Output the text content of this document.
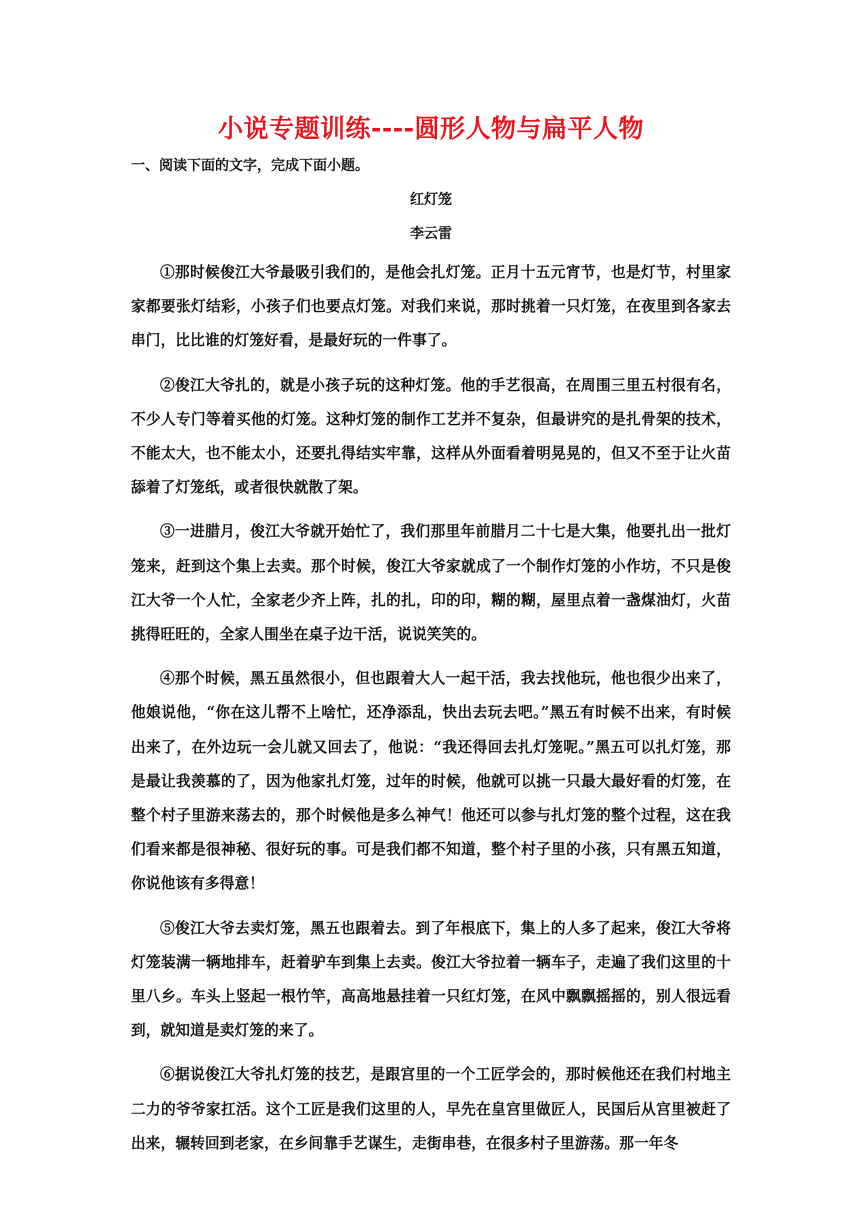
小说专题训练----圆形人物与扁平人物

一、阅读下面的文字，完成下面小题。

红灯笼

李云雷

①那时候俊江大爷最吸引我们的，是他会扎灯笼。正月十五元宵节，也是灯节，村里家家都要张灯结彩，小孩子们也要点灯笼。对我们来说，那时挑着一只灯笼，在夜里到各家去串门，比比谁的灯笼好看，是最好玩的一件事了。

②俊江大爷扎的，就是小孩子玩的这种灯笼。他的手艺很高，在周围三里五村很有名，不少人专门等着买他的灯笼。这种灯笼的制作工艺并不复杂，但最讲究的是扎骨架的技术，不能太大，也不能太小，还要扎得结实牢靠，这样从外面看着明晃晃的，但又不至于让火苗舔着了灯笼纸，或者很快就散了架。

③一进腊月，俊江大爷就开始忙了，我们那里年前腊月二十七是大集，他要扎出一批灯笼来，赶到这个集上去卖。那个时候，俊江大爷家就成了一个制作灯笼的小作坊，不只是俊江大爷一个人忙，全家老少齐上阵，扎的扎，印的印，糊的糊，屋里点着一盏煤油灯，火苗挑得旺旺的，全家人围坐在桌子边干活，说说笑笑的。

④那个时候，黑五虽然很小，但也跟着大人一起干活，我去找他玩，他也很少出来了，他娘说他，“你在这儿帮不上啥忙，还净添乱，快出去玩去吧。”黑五有时候不出来，有时候出来了，在外边玩一会儿就又回去了，他说：“我还得回去扎灯笼呢。”黑五可以扎灯笼，那是最让我羡慕的了，因为他家扎灯笼，过年的时候，他就可以挑一只最大最好看的灯笼，在整个村子里游来荡去的，那个时候他是多么神气！他还可以参与扎灯笼的整个过程，这在我们看来都是很神秘、很好玩的事。可是我们都不知道，整个村子里的小孩，只有黑五知道，你说他该有多得意！

⑤俊江大爷去卖灯笼，黑五也跟着去。到了年根底下，集上的人多了起来，俊江大爷将灯笼装满一辆地排车，赶着驴车到集上去卖。俊江大爷拉着一辆车子，走遍了我们这里的十里八乡。车头上竖起一根竹竿，高高地悬挂着一只红灯笼，在风中飘飘摇摇的，别人很远看到，就知道是卖灯笼的来了。

⑥据说俊江大爷扎灯笼的技艺，是跟宫里的一个工匠学会的，那时候他还在我们村地主二力的爷爷家扛活。这个工匠是我们这里的人，早先在皇宫里做匠人，民国后从宫里被赶了出来，辗转回到老家，在乡间靠手艺谋生，走街串巷，在很多村子里游荡。那一年冬
